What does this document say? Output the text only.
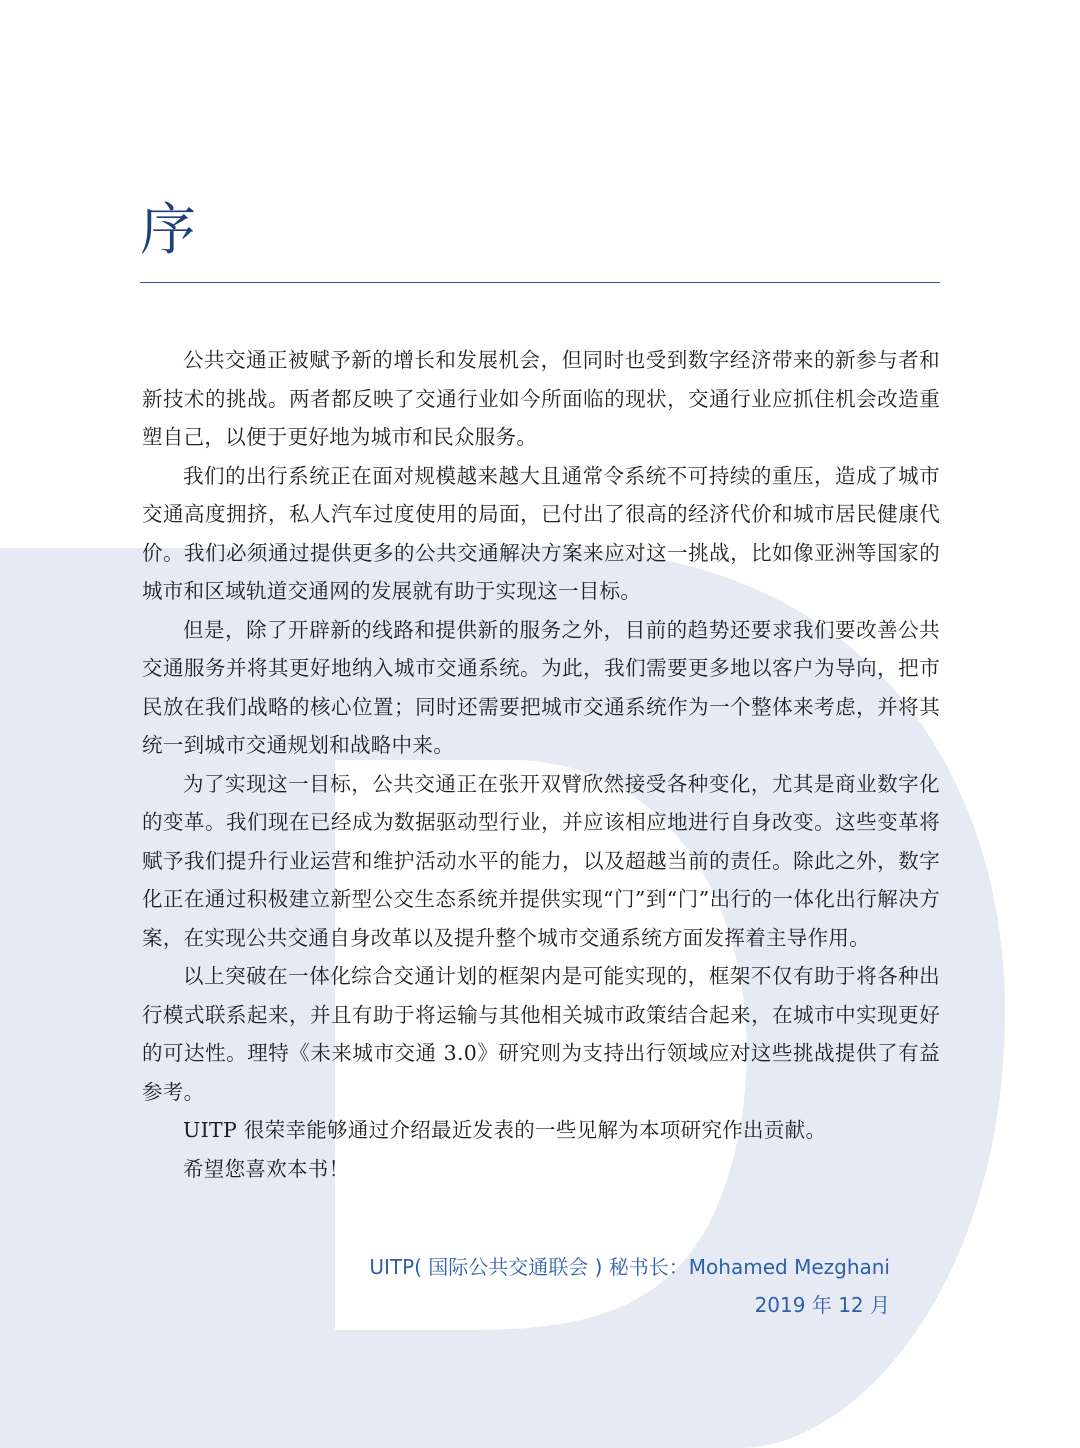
序

公共交通正被赋予新的增长和发展机会，但同时也受到数字经济带来的新参与者和新技术的挑战。两者都反映了交通行业如今所面临的现状，交通行业应抓住机会改造重塑自己，以便于更好地为城市和民众服务。

我们的出行系统正在面对规模越来越大且通常令系统不可持续的重压，造成了城市交通高度拥挤，私人汽车过度使用的局面，已付出了很高的经济代价和城市居民健康代价。我们必须通过提供更多的公共交通解决方案来应对这一挑战，比如像亚洲等国家的城市和区域轨道交通网的发展就有助于实现这一目标。

但是，除了开辟新的线路和提供新的服务之外，目前的趋势还要求我们要改善公共交通服务并将其更好地纳入城市交通系统。为此，我们需要更多地以客户为导向，把市民放在我们战略的核心位置；同时还需要把城市交通系统作为一个整体来考虑，并将其统一到城市交通规划和战略中来。

为了实现这一目标，公共交通正在张开双臂欣然接受各种变化，尤其是商业数字化的变革。我们现在已经成为数据驱动型行业，并应该相应地进行自身改变。这些变革将赋予我们提升行业运营和维护活动水平的能力，以及超越当前的责任。除此之外，数字化正在通过积极建立新型公交生态系统并提供实现“门”到“门”出行的一体化出行解决方案，在实现公共交通自身改革以及提升整个城市交通系统方面发挥着主导作用。

以上突破在一体化综合交通计划的框架内是可能实现的，框架不仅有助于将各种出行模式联系起来，并且有助于将运输与其他相关城市政策结合起来，在城市中实现更好的可达性。理特《未来城市交通 3.0》研究则为支持出行领域应对这些挑战提供了有益参考。

UITP 很荣幸能够通过介绍最近发表的一些见解为本项研究作出贡献。

希望您喜欢本书！

UITP( 国际公共交通联会 ) 秘书长：Mohamed Mezghani
2019 年 12 月
